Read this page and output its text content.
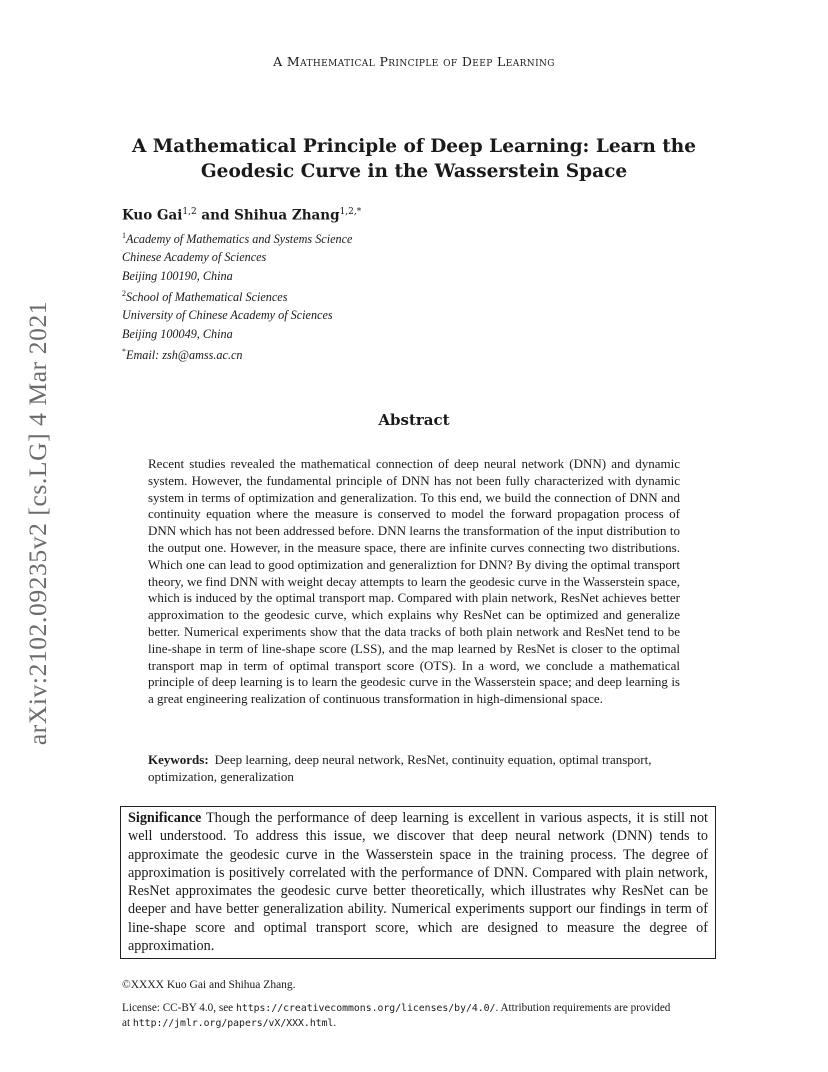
A Mathematical Principle of Deep Learning
arXiv:2102.09235v2 [cs.LG] 4 Mar 2021
A Mathematical Principle of Deep Learning: Learn the
Geodesic Curve in the Wasserstein Space
Kuo Gai$^{1,2}$ and Shihua Zhang$^{1,2,*}$
$^1$Academy of Mathematics and Systems Science
Chinese Academy of Sciences
Beijing 100190, China
$^2$School of Mathematical Sciences
University of Chinese Academy of Sciences
Beijing 100049, China
*Email: zsh@amss.ac.cn
Abstract
Recent studies revealed the mathematical connection of deep neural network (DNN) and dynamic system. However, the fundamental principle of DNN has not been fully characterized with dynamic system in terms of optimization and generalization. To this end, we build the connection of DNN and continuity equation where the measure is conserved to model the forward propagation process of DNN which has not been addressed before. DNN learns the transformation of the input distribution to the output one. However, in the measure space, there are infinite curves connecting two distributions. Which one can lead to good optimization and generaliztion for DNN? By diving the optimal transport theory, we find DNN with weight decay attempts to learn the geodesic curve in the Wasserstein space, which is induced by the optimal transport map. Compared with plain network, ResNet achieves better approximation to the geodesic curve, which explains why ResNet can be optimized and generalize better. Numerical experiments show that the data tracks of both plain network and ResNet tend to be line-shape in term of line-shape score (LSS), and the map learned by ResNet is closer to the optimal transport map in term of optimal transport score (OTS). In a word, we conclude a mathematical principle of deep learning is to learn the geodesic curve in the Wasserstein space; and deep learning is a great engineering realization of continuous transformation in high-dimensional space.
Keywords: Deep learning, deep neural network, ResNet, continuity equation, optimal transport, optimization, generalization
Significance Though the performance of deep learning is excellent in various aspects, it is still not well understood. To address this issue, we discover that deep neural network (DNN) tends to approximate the geodesic curve in the Wasserstein space in the training process. The degree of approximation is positively correlated with the performance of DNN. Compared with plain network, ResNet approximates the geodesic curve better theoretically, which illustrates why ResNet can be deeper and have better generalization ability. Numerical experiments support our findings in term of line-shape score and optimal transport score, which are designed to measure the degree of approximation.
©XXXX Kuo Gai and Shihua Zhang.
License: CC-BY 4.0, see https://creativecommons.org/licenses/by/4.0/. Attribution requirements are provided
at http://jmlr.org/papers/vX/XXX.html.
